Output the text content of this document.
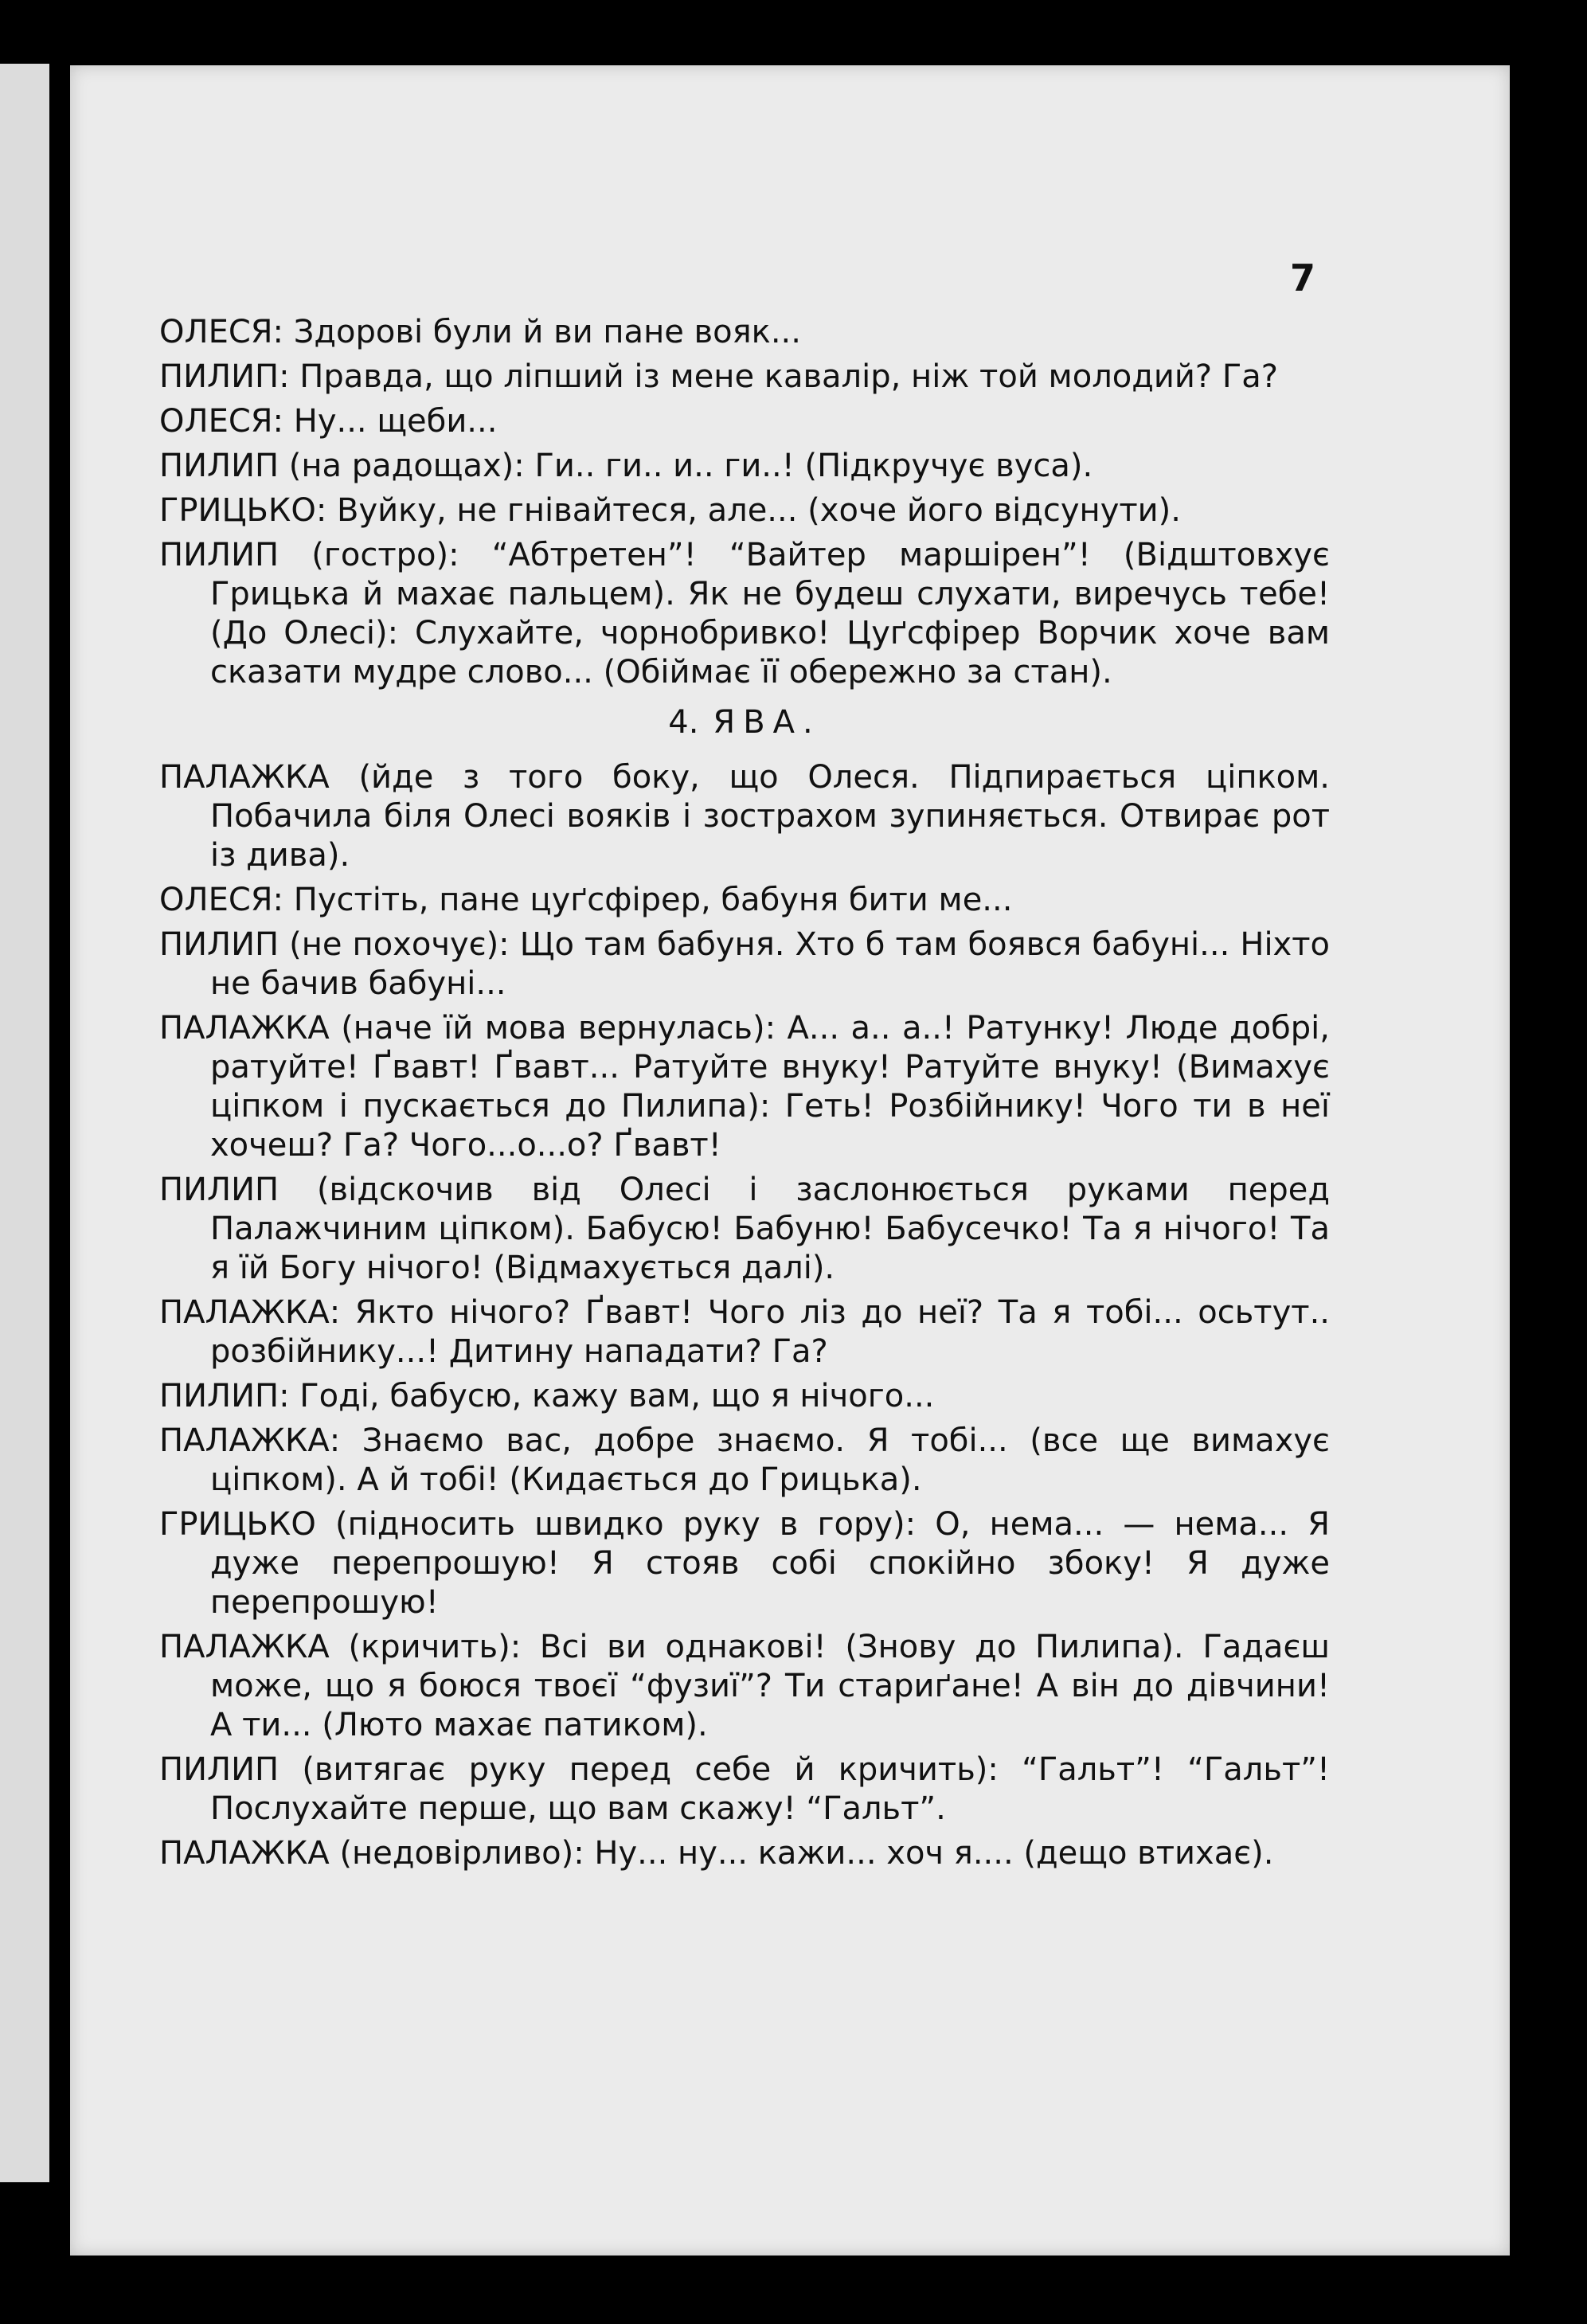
7

ОЛЕСЯ: Здорові були й ви пане вояк...

ПИЛИП: Правда, що ліпший із мене кавалір, ніж той молодий? Га?

ОЛЕСЯ: Ну... щеби...

ПИЛИП (на радощах): Ги.. ги.. и.. ги..! (Підкручує вуса).

ГРИЦЬКО: Вуйку, не гнівайтеся, але... (хоче його відсунути).

ПИЛИП (гостро): “Абтретен”! “Вайтер маршірен”! (Відштовхує Грицька й махає пальцем). Як не будеш слухати, виречусь тебе! (До Олесі): Слухайте, чорнобривко! Цуґсфірер Ворчик хоче вам сказати мудре слово... (Обіймає її обережно за стан).

4. ЯВА.

ПАЛАЖКА (йде з того боку, що Олеся. Підпирається ціпком. Побачила біля Олесі вояків і зострахом зупиняється. Отвирає рот із дива).

ОЛЕСЯ: Пустіть, пане цуґсфірер, бабуня бити ме...

ПИЛИП (не похочує): Що там бабуня. Хто б там боявся бабуні... Ніхто не бачив бабуні...

ПАЛАЖКА (наче їй мова вернулась): А... а.. а..! Ратунку! Люде добрі, ратуйте! Ґвавт! Ґвавт... Ратуйте внуку! Ратуйте внуку! (Вимахує ціпком і пускається до Пилипа): Геть! Розбійнику! Чого ти в неї хочеш? Га? Чого...о...о? Ґвавт!

ПИЛИП (відскочив від Олесі і заслонюється руками перед Палажчиним ціпком). Бабусю! Бабуню! Бабусечко! Та я нічого! Та я їй Богу нічого! (Відмахується далі).

ПАЛАЖКА: Якто нічого? Ґвавт! Чого ліз до неї? Та я тобі... осьтут.. розбійнику...! Дитину нападати? Га?

ПИЛИП: Годі, бабусю, кажу вам, що я нічого...

ПАЛАЖКА: Знаємо вас, добре знаємо. Я тобі... (все ще вимахує ціпком). А й тобі! (Кидається до Грицька).

ГРИЦЬКО (підносить швидко руку в гору): О, нема... — нема... Я дуже перепрошую! Я стояв собі спокійно збоку! Я дуже перепрошую!

ПАЛАЖКА (кричить): Всі ви однакові! (Знову до Пилипа). Гадаєш може, що я боюся твоєї “фузиї”? Ти стариґане! А він до дівчини! А ти... (Люто махає патиком).

ПИЛИП (витягає руку перед себе й кричить): “Гальт”! “Гальт”! Послухайте перше, що вам скажу! “Гальт”.

ПАЛАЖКА (недовірливо): Ну... ну... кажи... хоч я.... (дещо втихає).
